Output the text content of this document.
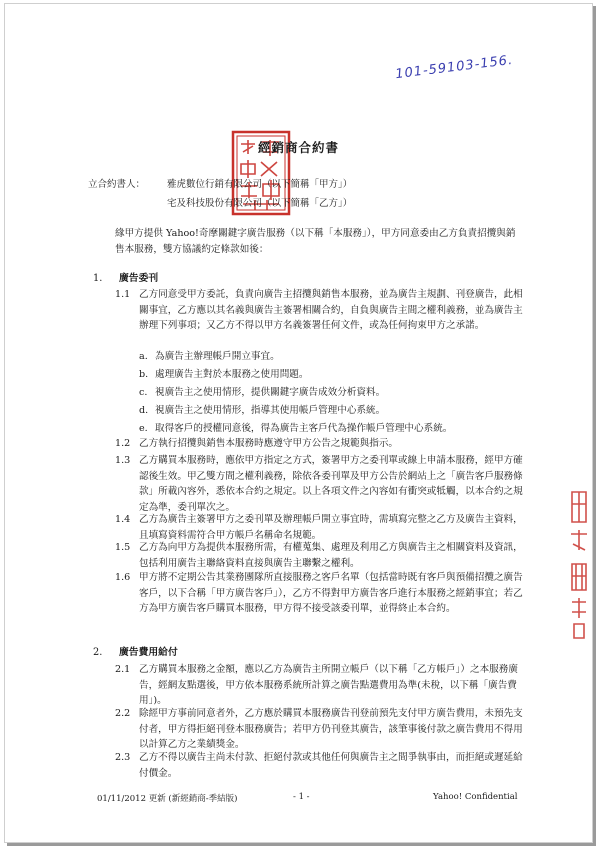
101-59103-156.
經銷商合約書
立合約書人： 雅虎數位行銷有限公司（以下簡稱「甲方」）
宅及科技股份有限公司（以下簡稱「乙方」）

緣甲方提供 Yahoo!奇摩關鍵字廣告服務（以下稱「本服務」），甲方同意委由乙方負責招攬與銷售本服務，雙方協議約定條款如後：

1. 廣告委刊
1.1 乙方同意受甲方委託，負責向廣告主招攬與銷售本服務，並為廣告主規劃、刊登廣告，此相關事宜，乙方應以其名義與廣告主簽署相關合約，自負與廣告主間之權利義務，並為廣告主辦理下列事項；又乙方不得以甲方名義簽署任何文件，或為任何拘束甲方之承諾。

a. 為廣告主辦理帳戶開立事宜。
b. 處理廣告主對於本服務之使用問題。
c. 視廣告主之使用情形，提供關鍵字廣告成效分析資料。
d. 視廣告主之使用情形，指導其使用帳戶管理中心系統。
e. 取得客戶的授權同意後，得為廣告主客戶代為操作帳戶管理中心系統。
1.2 乙方執行招攬與銷售本服務時應遵守甲方公告之規範與指示。

1.3 乙方購買本服務時，應依甲方指定之方式，簽署甲方之委刊單或線上申請本服務，經甲方確認後生效。甲乙雙方間之權利義務，除依各委刊單及甲方公告於網站上之「廣告客戶服務條款」所載內容外，悉依本合約之規定。以上各項文件之內容如有衝突或牴觸，以本合約之規定為準，委刊單次之。

1.4 乙方為廣告主簽署甲方之委刊單及辦理帳戶開立事宜時，需填寫完整之乙方及廣告主資料，且填寫資料需符合甲方帳戶名稱命名規範。

1.5 乙方為向甲方為提供本服務所需，有權蒐集、處理及利用乙方與廣告主之相關資料及資訊，包括利用廣告主聯絡資料直接與廣告主聯繫之權利。

1.6 甲方將不定期公告其業務團隊所直接服務之客戶名單（包括當時既有客戶與預備招攬之廣告客戶，以下合稱「甲方廣告客戶」），乙方不得對甲方廣告客戶進行本服務之經銷事宜；若乙方為甲方廣告客戶購買本服務，甲方得不接受該委刊單，並得終止本合約。

2. 廣告費用給付
2.1 乙方購買本服務之金額，應以乙方為廣告主所開立帳戶（以下稱「乙方帳戶」）之本服務廣告，經網友點選後，甲方依本服務系統所計算之廣告點選費用為準(未稅，以下稱「廣告費用」)。

2.2 除經甲方事前同意者外，乙方應於購買本服務廣告刊登前預先支付甲方廣告費用，未預先支付者，甲方得拒絕刊登本服務廣告；若甲方仍刊登其廣告，該筆事後付款之廣告費用不得用以計算乙方之業績獎金。

2.3 乙方不得以廣告主尚未付款、拒絕付款或其他任何與廣告主之間爭執事由，而拒絕或遲延給付價金。

01/11/2012 更新 (新經銷商-季結版)	- 1 -	Yahoo! Confidential
